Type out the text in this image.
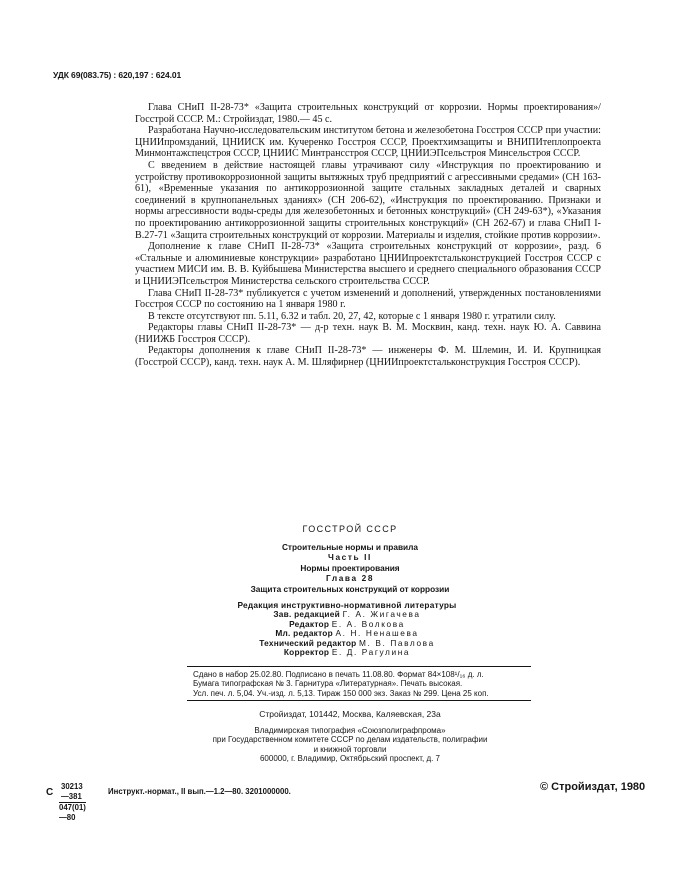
УДК 69(083.75) : 620,197 : 624.01

Глава СНиП II-28-73* «Защита строительных конструкций от коррозии. Нормы проектирования»/Госстрой СССР. М.: Стройиздат, 1980.— 45 с.

Разработана Научно-исследовательским институтом бетона и железобетона Госстроя СССР при участии: ЦНИИпромзданий, ЦНИИСК им. Кучеренко Госстроя СССР, Проектхимзащиты и ВНИПИтеплопроекта Минмонтажспецстроя СССР, ЦНИИС Минтрансстроя СССР, ЦНИИЭПсельстроя Минсельстроя СССР.

С введением в действие настоящей главы утрачивают силу «Инструкция по проектированию и устройству противокоррозионной защиты вытяжных труб предприятий с агрессивными средами» (СН 163-61), «Временные указания по антикоррозионной защите стальных закладных деталей и сварных соединений в крупнопанельных зданиях» (СН 206-62), «Инструкция по проектированию. Признаки и нормы агрессивности воды-среды для железобетонных и бетонных конструкций» (СН 249-63*), «Указания по проектированию антикоррозионной защиты строительных конструкций» (СН 262-67) и глава СНиП I-В.27-71 «Защита строительных конструкций от коррозии. Материалы и изделия, стойкие против коррозии».

Дополнение к главе СНиП II-28-73* «Защита строительных конструкций от коррозии», разд. 6 «Стальные и алюминиевые конструкции» разработано ЦНИИпроектстальконструкцией Госстроя СССР с участием МИСИ им. В. В. Куйбышева Министерства высшего и среднего специального образования СССР и ЦНИИЭПсельстроя Министерства сельского строительства СССР.

Глава СНиП II-28-73* публикуется с учетом изменений и дополнений, утвержденных постановлениями Госстроя СССР по состоянию на 1 января 1980 г.

В тексте отсутствуют пп. 5.11, 6.32 и табл. 20, 27, 42, которые с 1 января 1980 г. утратили силу.

Редакторы главы СНиП II-28-73* — д-р техн. наук В. М. Москвин, канд. техн. наук Ю. А. Саввина (НИИЖБ Госстроя СССР).

Редакторы дополнения к главе СНиП II-28-73* — инженеры Ф. М. Шлемин, И. И. Крупницкая (Госстрой СССР), канд. техн. наук А. М. Шляфирнер (ЦНИИпроектстальконструкция Госстроя СССР).

ГОССТРОЙ СССР
Строительные нормы и правила
Часть II
Нормы проектирования
Глава 28
Защита строительных конструкций от коррозии
Редакция инструктивно-нормативной литературы
Зав. редакцией Г. А. Жигачева
Редактор Е. А. Волкова
Мл. редактор А. Н. Ненашева
Технический редактор М. В. Павлова
Корректор Е. Д. Рагулина
Сдано в набор 25.02.80. Подписано в печать 11.08.80. Формат 84×108¹/₁₆ д. л.
Бумага типографская № 3. Гарнитура «Литературная». Печать высокая.
Усл. печ. л. 5,04. Уч.-изд. л. 5,13. Тираж 150 000 экз. Заказ № 299. Цена 25 коп.
Стройиздат, 101442, Москва, Каляевская, 23а
Владимирская типография «Союзполиграфпрома»
при Государственном комитете СССР по делам издательств, полиграфии
и книжной торговли
600000, г. Владимир, Октябрьский проспект, д. 7
С $\frac{30213—381}{047(01)—80}$	Инструкт.-нормат., II вып.—1.2—80. 3201000000.	© Стройиздат, 1980
